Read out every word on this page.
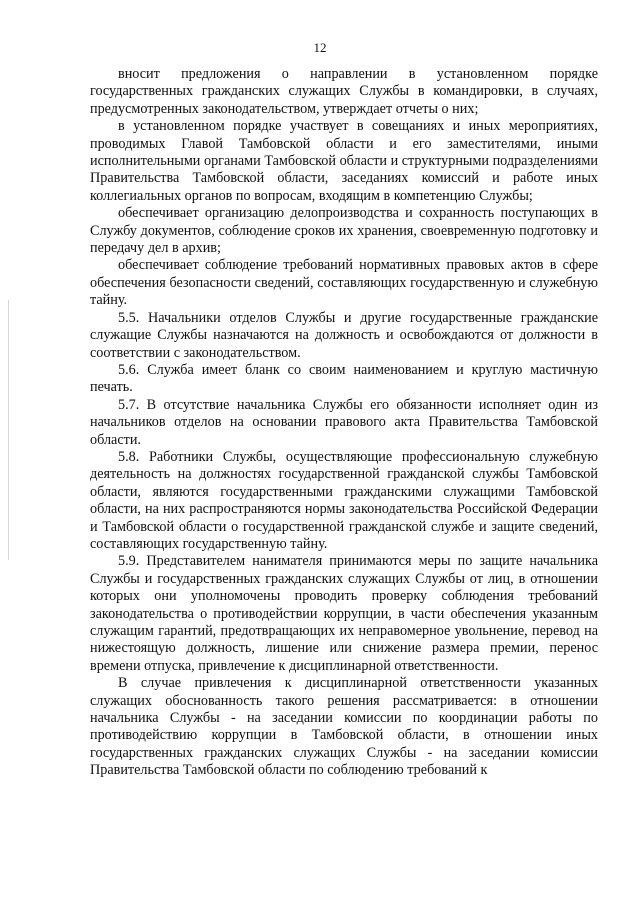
12

вносит предложения о направлении в установленном порядке государственных гражданских служащих Службы в командировки, в случаях, предусмотренных законодательством, утверждает отчеты о них;

в установленном порядке участвует в совещаниях и иных мероприятиях, проводимых Главой Тамбовской области и его заместителями, иными исполнительными органами Тамбовской области и структурными подразделениями Правительства Тамбовской области, заседаниях комиссий и работе иных коллегиальных органов по вопросам, входящим в компетенцию Службы;

обеспечивает организацию делопроизводства и сохранность поступающих в Службу документов, соблюдение сроков их хранения, своевременную подготовку и передачу дел в архив;

обеспечивает соблюдение требований нормативных правовых актов в сфере обеспечения безопасности сведений, составляющих государственную и служебную тайну.

5.5. Начальники отделов Службы и другие государственные гражданские служащие Службы назначаются на должность и освобождаются от должности в соответствии с законодательством.

5.6. Служба имеет бланк со своим наименованием и круглую мастичную печать.

5.7. В отсутствие начальника Службы его обязанности исполняет один из начальников отделов на основании правового акта Правительства Тамбовской области.

5.8. Работники Службы, осуществляющие профессиональную служебную деятельность на должностях государственной гражданской службы Тамбовской области, являются государственными гражданскими служащими Тамбовской области, на них распространяются нормы законодательства Российской Федерации и Тамбовской области о государственной гражданской службе и защите сведений, составляющих государственную тайну.

5.9. Представителем нанимателя принимаются меры по защите начальника Службы и государственных гражданских служащих Службы от лиц, в отношении которых они уполномочены проводить проверку соблюдения требований законодательства о противодействии коррупции, в части обеспечения указанным служащим гарантий, предотвращающих их неправомерное увольнение, перевод на нижестоящую должность, лишение или снижение размера премии, перенос времени отпуска, привлечение к дисциплинарной ответственности.

В случае привлечения к дисциплинарной ответственности указанных служащих обоснованность такого решения рассматривается: в отношении начальника Службы - на заседании комиссии по координации работы по противодействию коррупции в Тамбовской области, в отношении иных государственных гражданских служащих Службы - на заседании комиссии Правительства Тамбовской области по соблюдению требований к
